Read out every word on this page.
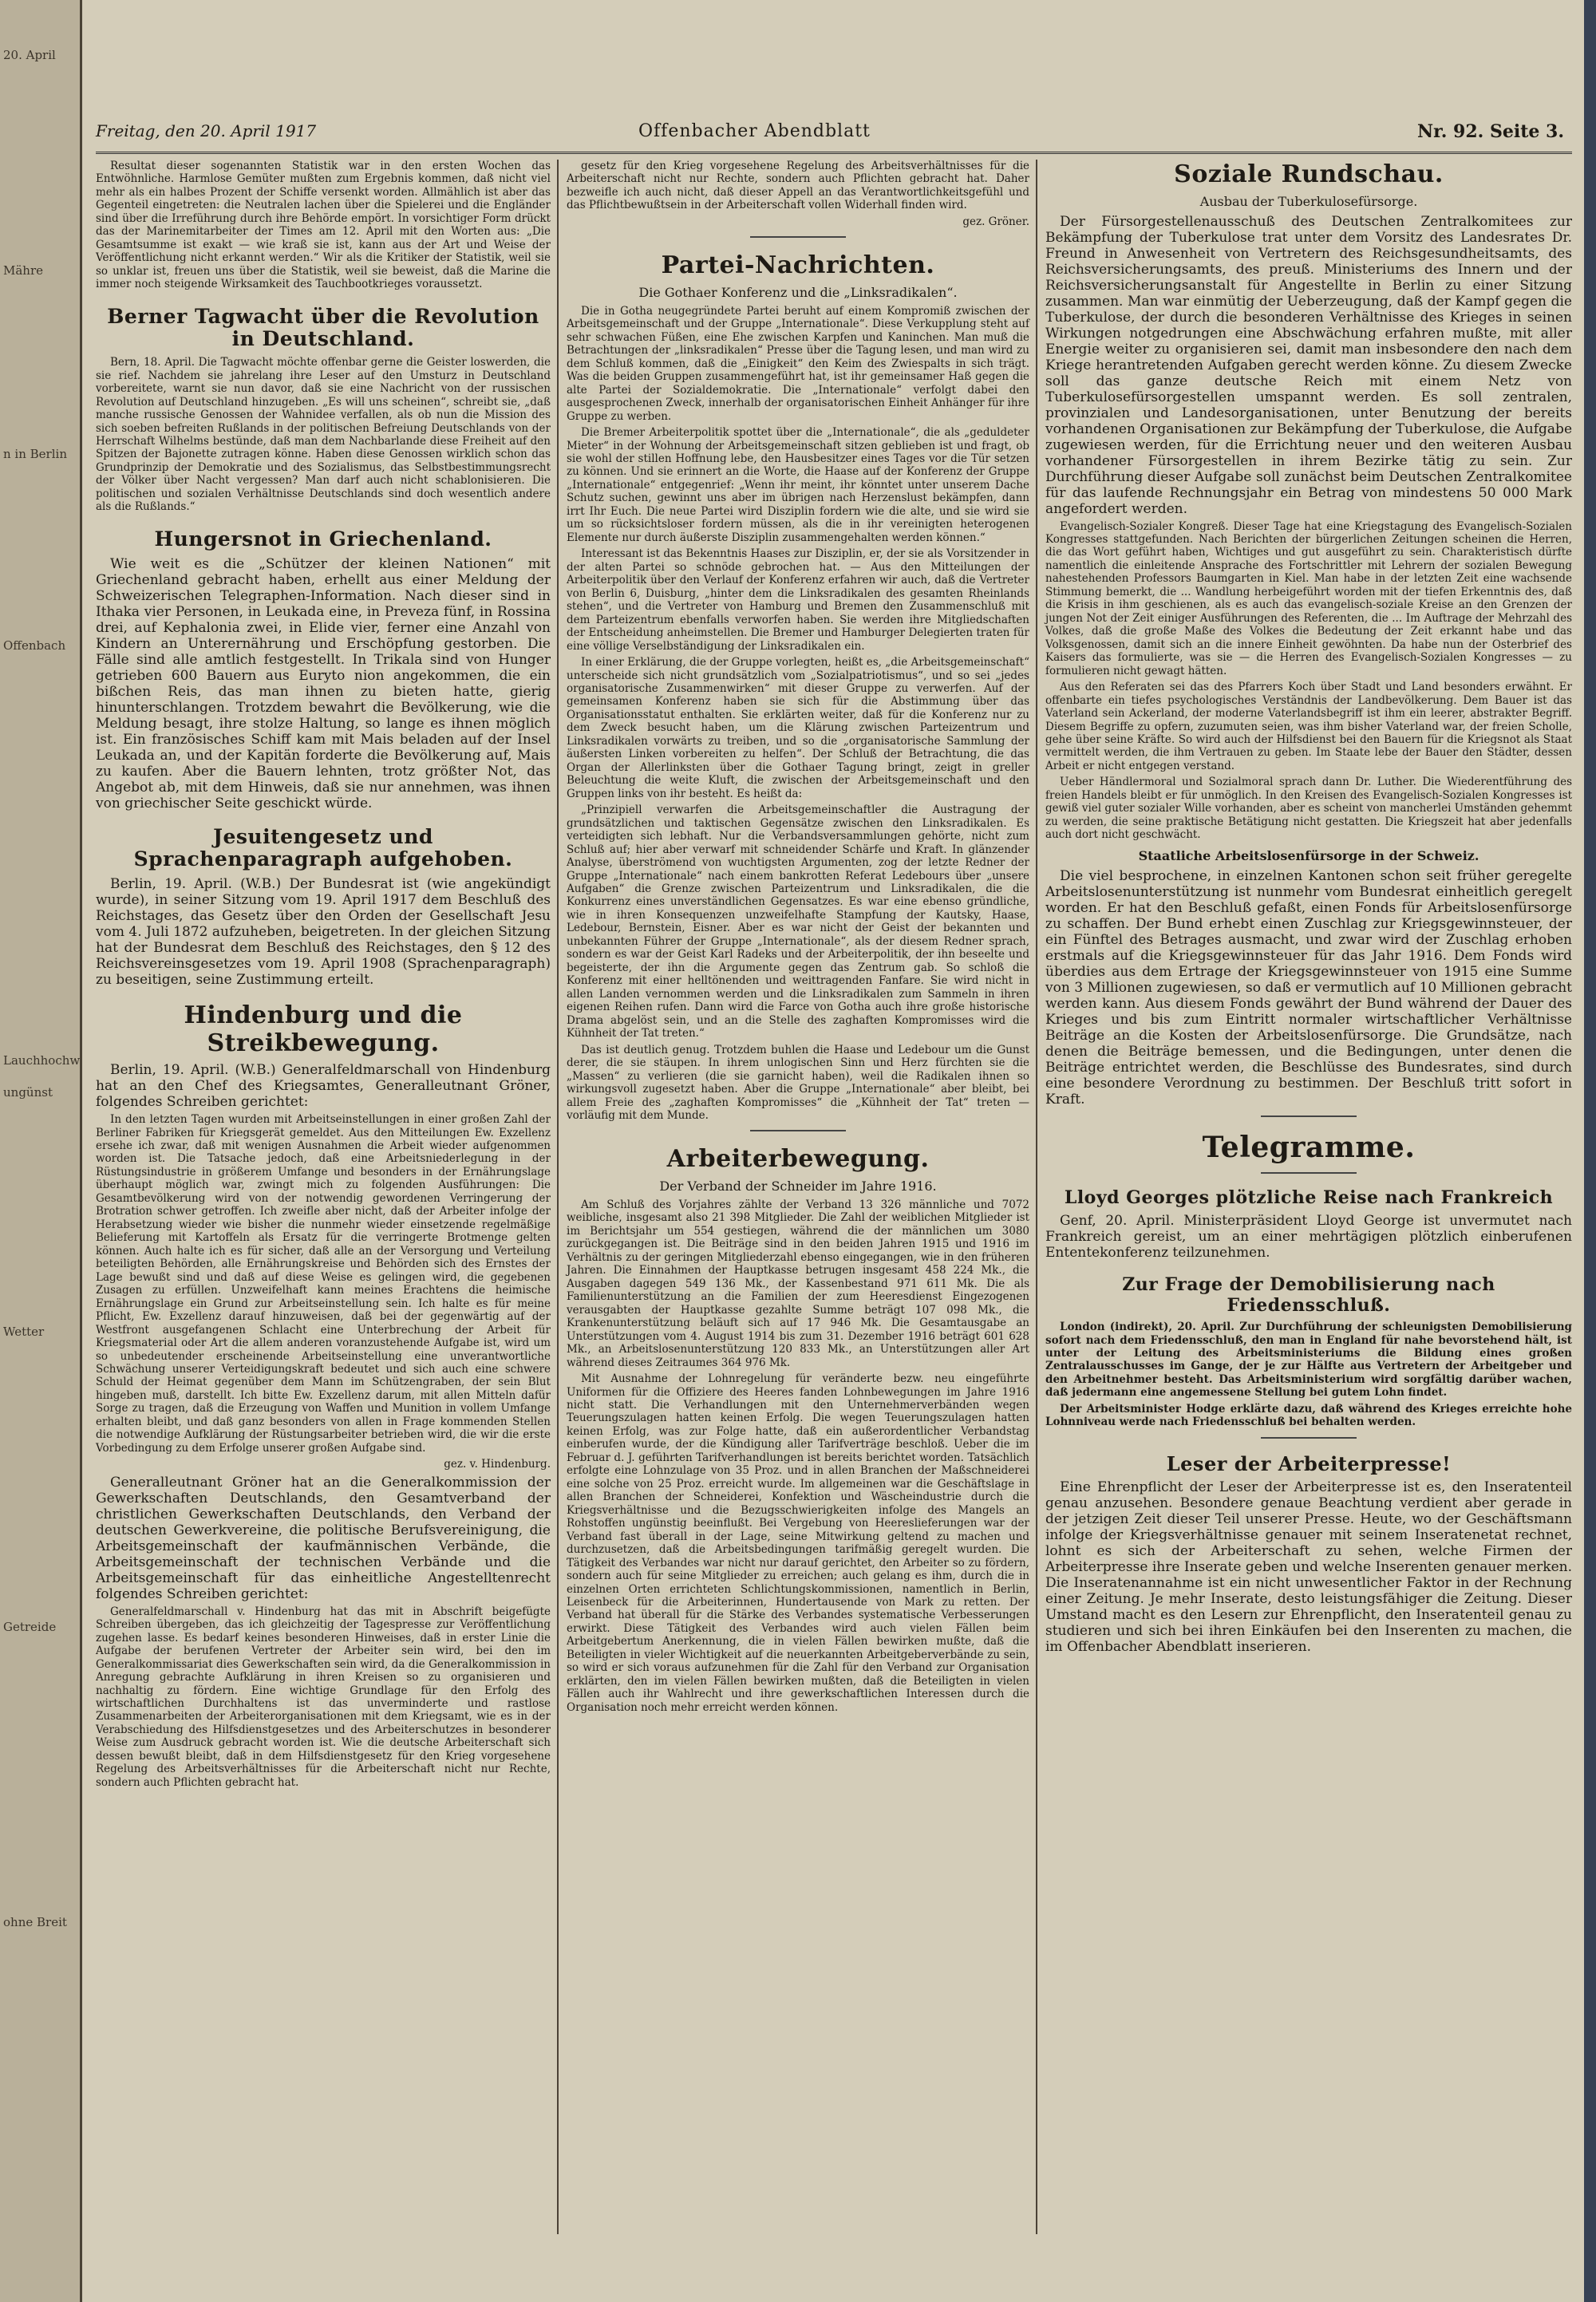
20. April
Mähre
n in Berlin
Offenbach
Lauchhochw
ungünst
Wetter
Getreide
ohne Breit
Freitag, den 20. April 1917	Offenbacher Abendblatt	Nr. 92. Seite 3.

Resultat dieser sogenannten Statistik war in den ersten Wochen das Entwöhnliche. Harmlose Gemüter mußten zum Ergebnis kommen, daß nicht viel mehr als ein halbes Prozent der Schiffe versenkt worden. Allmählich ist aber das Gegenteil eingetreten: die Neutralen lachen über die Spielerei und die Engländer sind über die Irreführung durch ihre Behörde empört. In vorsichtiger Form drückt das der Marinemitarbeiter der Times am 12. April mit den Worten aus: „Die Gesamtsumme ist exakt — wie kraß sie ist, kann aus der Art und Weise der Veröffentlichung nicht erkannt werden.“ Wir als die Kritiker der Statistik, weil sie so unklar ist, freuen uns über die Statistik, weil sie beweist, daß die Marine die immer noch steigende Wirksamkeit des Tauchbootkrieges voraussetzt.

Berner Tagwacht über die Revolution in Deutschland.

Bern, 18. April. Die Tagwacht möchte offenbar gerne die Geister loswerden, die sie rief. Nachdem sie jahrelang ihre Leser auf den Umsturz in Deutschland vorbereitete, warnt sie nun davor, daß sie eine Nachricht von der russischen Revolution auf Deutschland hinzugeben. „Es will uns scheinen“, schreibt sie, „daß manche russische Genossen der Wahnidee verfallen, als ob nun die Mission des sich soeben befreiten Rußlands in der politischen Befreiung Deutschlands von der Herrschaft Wilhelms bestünde, daß man dem Nachbarlande diese Freiheit auf den Spitzen der Bajonette zutragen könne. Haben diese Genossen wirklich schon das Grundprinzip der Demokratie und des Sozialismus, das Selbstbestimmungsrecht der Völker über Nacht vergessen? Man darf auch nicht schablonisieren. Die politischen und sozialen Verhältnisse Deutschlands sind doch wesentlich andere als die Rußlands.“

Hungersnot in Griechenland.

Wie weit es die „Schützer der kleinen Nationen“ mit Griechenland gebracht haben, erhellt aus einer Meldung der Schweizerischen Telegraphen-Information. Nach dieser sind in Ithaka vier Personen, in Leukada eine, in Preveza fünf, in Rossina drei, auf Kephalonia zwei, in Elide vier, ferner eine Anzahl von Kindern an Unterernährung und Erschöpfung gestorben. Die Fälle sind alle amtlich festgestellt. In Trikala sind von Hunger getrieben 600 Bauern aus Euryto nion angekommen, die ein bißchen Reis, das man ihnen zu bieten hatte, gierig hinunterschlangen. Trotzdem bewahrt die Bevölkerung, wie die Meldung besagt, ihre stolze Haltung, so lange es ihnen möglich ist. Ein französisches Schiff kam mit Mais beladen auf der Insel Leukada an, und der Kapitän forderte die Bevölkerung auf, Mais zu kaufen. Aber die Bauern lehnten, trotz größter Not, das Angebot ab, mit dem Hinweis, daß sie nur annehmen, was ihnen von griechischer Seite geschickt würde.

Jesuitengesetz und Sprachenparagraph aufgehoben.

Berlin, 19. April. (W.B.) Der Bundesrat ist (wie angekündigt wurde), in seiner Sitzung vom 19. April 1917 dem Beschluß des Reichstages, das Gesetz über den Orden der Gesellschaft Jesu vom 4. Juli 1872 aufzuheben, beigetreten. In der gleichen Sitzung hat der Bundesrat dem Beschluß des Reichstages, den § 12 des Reichsvereinsgesetzes vom 19. April 1908 (Sprachenparagraph) zu beseitigen, seine Zustimmung erteilt.

Hindenburg und die Streikbewegung.

Berlin, 19. April. (W.B.) Generalfeldmarschall von Hindenburg hat an den Chef des Kriegsamtes, Generalleutnant Gröner, folgendes Schreiben gerichtet:

In den letzten Tagen wurden mit Arbeitseinstellungen in einer großen Zahl der Berliner Fabriken für Kriegsgerät gemeldet. Aus den Mitteilungen Ew. Exzellenz ersehe ich zwar, daß mit wenigen Ausnahmen die Arbeit wieder aufgenommen worden ist. Die Tatsache jedoch, daß eine Arbeitsniederlegung in der Rüstungsindustrie in größerem Umfange und besonders in der Ernährungslage überhaupt möglich war, zwingt mich zu folgenden Ausführungen: Die Gesamtbevölkerung wird von der notwendig gewordenen Verringerung der Brotration schwer getroffen. Ich zweifle aber nicht, daß der Arbeiter infolge der Herabsetzung wieder wie bisher die nunmehr wieder einsetzende regelmäßige Belieferung mit Kartoffeln als Ersatz für die verringerte Brotmenge gelten können. Auch halte ich es für sicher, daß alle an der Versorgung und Verteilung beteiligten Behörden, alle Ernährungskreise und Behörden sich des Ernstes der Lage bewußt sind und daß auf diese Weise es gelingen wird, die gegebenen Zusagen zu erfüllen. Unzweifelhaft kann meines Erachtens die heimische Ernährungslage ein Grund zur Arbeitseinstellung sein. Ich halte es für meine Pflicht, Ew. Exzellenz darauf hinzuweisen, daß bei der gegenwärtig auf der Westfront ausgefangenen Schlacht eine Unterbrechung der Arbeit für Kriegsmaterial oder Art die allem anderen voranzustehende Aufgabe ist, wird um so unbedeutender erscheinende Arbeitseinstellung eine unverantwortliche Schwächung unserer Verteidigungskraft bedeutet und sich auch eine schwere Schuld der Heimat gegenüber dem Mann im Schützengraben, der sein Blut hingeben muß, darstellt. Ich bitte Ew. Exzellenz darum, mit allen Mitteln dafür Sorge zu tragen, daß die Erzeugung von Waffen und Munition in vollem Umfange erhalten bleibt, und daß ganz besonders von allen in Frage kommenden Stellen die notwendige Aufklärung der Rüstungsarbeiter betrieben wird, die wir die erste Vorbedingung zu dem Erfolge unserer großen Aufgabe sind.

gez. v. Hindenburg.

Generalleutnant Gröner hat an die Generalkommission der Gewerkschaften Deutschlands, den Gesamtverband der christlichen Gewerkschaften Deutschlands, den Verband der deutschen Gewerkvereine, die politische Berufsvereinigung, die Arbeitsgemeinschaft der kaufmännischen Verbände, die Arbeitsgemeinschaft der technischen Verbände und die Arbeitsgemeinschaft für das einheitliche Angestelltenrecht folgendes Schreiben gerichtet:

Generalfeldmarschall v. Hindenburg hat das mit in Abschrift beigefügte Schreiben übergeben, das ich gleichzeitig der Tagespresse zur Veröffentlichung zugehen lasse. Es bedarf keines besonderen Hinweises, daß in erster Linie die Aufgabe der berufenen Vertreter der Arbeiter sein wird, bei den im Generalkommissariat dies Gewerkschaften sein wird, da die Generalkommission in Anregung gebrachte Aufklärung in ihren Kreisen so zu organisieren und nachhaltig zu fördern. Eine wichtige Grundlage für den Erfolg des wirtschaftlichen Durchhaltens ist das unverminderte und rastlose Zusammenarbeiten der Arbeiterorganisationen mit dem Kriegsamt, wie es in der Verabschiedung des Hilfsdienstgesetzes und des Arbeiterschutzes in besonderer Weise zum Ausdruck gebracht worden ist. Wie die deutsche Arbeiterschaft sich dessen bewußt bleibt, daß in dem Hilfsdienstgesetz für den Krieg vorgesehene Regelung des Arbeitsverhältnisses für die Arbeiterschaft nicht nur Rechte, sondern auch Pflichten gebracht hat.

gesetz für den Krieg vorgesehene Regelung des Arbeitsverhältnisses für die Arbeiterschaft nicht nur Rechte, sondern auch Pflichten gebracht hat. Daher bezweifle ich auch nicht, daß dieser Appell an das Verantwortlichkeitsgefühl und das Pflichtbewußtsein in der Arbeiterschaft vollen Widerhall finden wird.

gez. Gröner.

Partei-Nachrichten.
Die Gothaer Konferenz und die „Linksradikalen“.

Die in Gotha neugegründete Partei beruht auf einem Kompromiß zwischen der Arbeitsgemeinschaft und der Gruppe „Internationale“. Diese Verkupplung steht auf sehr schwachen Füßen, eine Ehe zwischen Karpfen und Kaninchen. Man muß die Betrachtungen der „linksradikalen“ Presse über die Tagung lesen, und man wird zu dem Schluß kommen, daß die „Einigkeit“ den Keim des Zwiespalts in sich trägt. Was die beiden Gruppen zusammengeführt hat, ist ihr gemeinsamer Haß gegen die alte Partei der Sozialdemokratie. Die „Internationale“ verfolgt dabei den ausgesprochenen Zweck, innerhalb der organisatorischen Einheit Anhänger für ihre Gruppe zu werben.

Die Bremer Arbeiterpolitik spottet über die „Internationale“, die als „geduldeter Mieter“ in der Wohnung der Arbeitsgemeinschaft sitzen geblieben ist und fragt, ob sie wohl der stillen Hoffnung lebe, den Hausbesitzer eines Tages vor die Tür setzen zu können. Und sie erinnert an die Worte, die Haase auf der Konferenz der Gruppe „Internationale“ entgegenrief: „Wenn ihr meint, ihr könntet unter unserem Dache Schutz suchen, gewinnt uns aber im übrigen nach Herzenslust bekämpfen, dann irrt Ihr Euch. Die neue Partei wird Disziplin fordern wie die alte, und sie wird sie um so rücksichtsloser fordern müssen, als die in ihr vereinigten heterogenen Elemente nur durch äußerste Disziplin zusammengehalten werden können.“

Interessant ist das Bekenntnis Haases zur Disziplin, er, der sie als Vorsitzender in der alten Partei so schnöde gebrochen hat. — Aus den Mitteilungen der Arbeiterpolitik über den Verlauf der Konferenz erfahren wir auch, daß die Vertreter von Berlin 6, Duisburg, „hinter dem die Linksradikalen des gesamten Rheinlands stehen“, und die Vertreter von Hamburg und Bremen den Zusammenschluß mit dem Parteizentrum ebenfalls verworfen haben. Sie werden ihre Mitgliedschaften der Entscheidung anheimstellen. Die Bremer und Hamburger Delegierten traten für eine völlige Verselbständigung der Linksradikalen ein.

In einer Erklärung, die der Gruppe vorlegten, heißt es, „die Arbeitsgemeinschaft“ unterscheide sich nicht grundsätzlich vom „Sozialpatriotismus“, und so sei „jedes organisatorische Zusammenwirken“ mit dieser Gruppe zu verwerfen. Auf der gemeinsamen Konferenz haben sie sich für die Abstimmung über das Organisationsstatut enthalten. Sie erklärten weiter, daß für die Konferenz nur zu dem Zweck besucht haben, um die Klärung zwischen Parteizentrum und Linksradikalen vorwärts zu treiben, und so die „organisatorische Sammlung der äußersten Linken vorbereiten zu helfen“. Der Schluß der Betrachtung, die das Organ der Allerlinksten über die Gothaer Tagung bringt, zeigt in greller Beleuchtung die weite Kluft, die zwischen der Arbeitsgemeinschaft und den Gruppen links von ihr besteht. Es heißt da:

„Prinzipiell verwarfen die Arbeitsgemeinschaftler die Austragung der grundsätzlichen und taktischen Gegensätze zwischen den Linksradikalen. Es verteidigten sich lebhaft. Nur die Verbandsversammlungen gehörte, nicht zum Schluß auf; hier aber verwarf mit schneidender Schärfe und Kraft. In glänzender Analyse, überströmend von wuchtigsten Argumenten, zog der letzte Redner der Gruppe „Internationale“ nach einem bankrotten Referat Ledebours über „unsere Aufgaben“ die Grenze zwischen Parteizentrum und Linksradikalen, die die Konkurrenz eines unverständlichen Gegensatzes. Es war eine ebenso gründliche, wie in ihren Konsequenzen unzweifelhafte Stampfung der Kautsky, Haase, Ledebour, Bernstein, Eisner. Aber es war nicht der Geist der bekannten und unbekannten Führer der Gruppe „Internationale“, als der diesem Redner sprach, sondern es war der Geist Karl Radeks und der Arbeiterpolitik, der ihn beseelte und begeisterte, der ihn die Argumente gegen das Zentrum gab. So schloß die Konferenz mit einer helltönenden und weittragenden Fanfare. Sie wird nicht in allen Landen vernommen werden und die Linksradikalen zum Sammeln in ihren eigenen Reihen rufen. Dann wird die Farce von Gotha auch ihre große historische Drama abgelöst sein, und an die Stelle des zaghaften Kompromisses wird die Kühnheit der Tat treten.“

Das ist deutlich genug. Trotzdem buhlen die Haase und Ledebour um die Gunst derer, die sie stäupen. In ihrem unlogischen Sinn und Herz fürchten sie die „Massen“ zu verlieren (die sie garnicht haben), weil die Radikalen ihnen so wirkungsvoll zugesetzt haben. Aber die Gruppe „Internationale“ aber bleibt, bei allem Freie des „zaghaften Kompromisses“ die „Kühnheit der Tat“ treten — vorläufig mit dem Munde.

Arbeiterbewegung.
Der Verband der Schneider im Jahre 1916.

Am Schluß des Vorjahres zählte der Verband 13 326 männliche und 7072 weibliche, insgesamt also 21 398 Mitglieder. Die Zahl der weiblichen Mitglieder ist im Berichtsjahr um 554 gestiegen, während die der männlichen um 3080 zurückgegangen ist. Die Beiträge sind in den beiden Jahren 1915 und 1916 im Verhältnis zu der geringen Mitgliederzahl ebenso eingegangen, wie in den früheren Jahren. Die Einnahmen der Hauptkasse betrugen insgesamt 458 224 Mk., die Ausgaben dagegen 549 136 Mk., der Kassenbestand 971 611 Mk. Die als Familienunterstützung an die Familien der zum Heeresdienst Eingezogenen verausgabten der Hauptkasse gezahlte Summe beträgt 107 098 Mk., die Krankenunterstützung beläuft sich auf 17 946 Mk. Die Gesamtausgabe an Unterstützungen vom 4. August 1914 bis zum 31. Dezember 1916 beträgt 601 628 Mk., an Arbeitslosenunterstützung 120 833 Mk., an Unterstützungen aller Art während dieses Zeitraumes 364 976 Mk.

Mit Ausnahme der Lohnregelung für veränderte bezw. neu eingeführte Uniformen für die Offiziere des Heeres fanden Lohnbewegungen im Jahre 1916 nicht statt. Die Verhandlungen mit den Unternehmerverbänden wegen Teuerungszulagen hatten keinen Erfolg. Die wegen Teuerungszulagen hatten keinen Erfolg, was zur Folge hatte, daß ein außerordentlicher Verbandstag einberufen wurde, der die Kündigung aller Tarifverträge beschloß. Ueber die im Februar d. J. geführten Tarifverhandlungen ist bereits berichtet worden. Tatsächlich erfolgte eine Lohnzulage von 35 Proz. und in allen Branchen der Maßschneiderei eine solche von 25 Proz. erreicht wurde. Im allgemeinen war die Geschäftslage in allen Branchen der Schneiderei, Konfektion und Wäscheindustrie durch die Kriegsverhältnisse und die Bezugsschwierigkeiten infolge des Mangels an Rohstoffen ungünstig beeinflußt. Bei Vergebung von Heereslieferungen war der Verband fast überall in der Lage, seine Mitwirkung geltend zu machen und durchzusetzen, daß die Arbeitsbedingungen tarifmäßig geregelt wurden. Die Tätigkeit des Verbandes war nicht nur darauf gerichtet, den Arbeiter so zu fördern, sondern auch für seine Mitglieder zu erreichen; auch gelang es ihm, durch die in einzelnen Orten errichteten Schlichtungskommissionen, namentlich in Berlin, Leisenbeck für die Arbeiterinnen, Hundertausende von Mark zu retten. Der Verband hat überall für die Stärke des Verbandes systematische Verbesserungen erwirkt. Diese Tätigkeit des Verbandes wird auch vielen Fällen beim Arbeitgebertum Anerkennung, die in vielen Fällen bewirken mußte, daß die Beteiligten in vieler Wichtigkeit auf die neuerkannten Arbeitgeberverbände zu sein, so wird er sich voraus aufzunehmen für die Zahl für den Verband zur Organisation erklärten, den im vielen Fällen bewirken mußten, daß die Beteiligten in vielen Fällen auch ihr Wahlrecht und ihre gewerkschaftlichen Interessen durch die Organisation noch mehr erreicht werden können.

Soziale Rundschau.
Ausbau der Tuberkulosefürsorge.

Der Fürsorgestellenausschuß des Deutschen Zentralkomitees zur Bekämpfung der Tuberkulose trat unter dem Vorsitz des Landesrates Dr. Freund in Anwesenheit von Vertretern des Reichsgesundheitsamts, des Reichsversicherungsamts, des preuß. Ministeriums des Innern und der Reichsversicherungsanstalt für Angestellte in Berlin zu einer Sitzung zusammen. Man war einmütig der Ueberzeugung, daß der Kampf gegen die Tuberkulose, der durch die besonderen Verhältnisse des Krieges in seinen Wirkungen notgedrungen eine Abschwächung erfahren mußte, mit aller Energie weiter zu organisieren sei, damit man insbesondere den nach dem Kriege herantretenden Aufgaben gerecht werden könne. Zu diesem Zwecke soll das ganze deutsche Reich mit einem Netz von Tuberkulosefürsorgestellen umspannt werden. Es soll zentralen, provinzialen und Landesorganisationen, unter Benutzung der bereits vorhandenen Organisationen zur Bekämpfung der Tuberkulose, die Aufgabe zugewiesen werden, für die Errichtung neuer und den weiteren Ausbau vorhandener Fürsorgestellen in ihrem Bezirke tätig zu sein. Zur Durchführung dieser Aufgabe soll zunächst beim Deutschen Zentralkomitee für das laufende Rechnungsjahr ein Betrag von mindestens 50 000 Mark angefordert werden.

Evangelisch-Sozialer Kongreß. Dieser Tage hat eine Kriegstagung des Evangelisch-Sozialen Kongresses stattgefunden. Nach Berichten der bürgerlichen Zeitungen scheinen die Herren, die das Wort geführt haben, Wichtiges und gut ausgeführt zu sein. Charakteristisch dürfte namentlich die einleitende Ansprache des Fortschrittler mit Lehrern der sozialen Bewegung nahestehenden Professors Baumgarten in Kiel. Man habe in der letzten Zeit eine wachsende Stimmung bemerkt, die ... Wandlung herbeigeführt worden mit der tiefen Erkenntnis des, daß die Krisis in ihm geschienen, als es auch das evangelisch-soziale Kreise an den Grenzen der jungen Not der Zeit einiger Ausführungen des Referenten, die ... Im Auftrage der Mehrzahl des Volkes, daß die große Maße des Volkes die Bedeutung der Zeit erkannt habe und das Volksgenossen, damit sich an die innere Einheit gewöhnten. Da habe nun der Osterbrief des Kaisers das formulierte, was sie — die Herren des Evangelisch-Sozialen Kongresses — zu formulieren nicht gewagt hätten.

Aus den Referaten sei das des Pfarrers Koch über Stadt und Land besonders erwähnt. Er offenbarte ein tiefes psychologisches Verständnis der Landbevölkerung. Dem Bauer ist das Vaterland sein Ackerland, der moderne Vaterlandsbegriff ist ihm ein leerer, abstrakter Begriff. Diesem Begriffe zu opfern, zuzumuten seien, was ihm bisher Vaterland war, der freien Scholle, gehe über seine Kräfte. So wird auch der Hilfsdienst bei den Bauern für die Kriegsnot als Staat vermittelt werden, die ihm Vertrauen zu geben. Im Staate lebe der Bauer den Städter, dessen Arbeit er nicht entgegen verstand.

Ueber Händlermoral und Sozialmoral sprach dann Dr. Luther. Die Wiederentführung des freien Handels bleibt er für unmöglich. In den Kreisen des Evangelisch-Sozialen Kongresses ist gewiß viel guter sozialer Wille vorhanden, aber es scheint von mancherlei Umständen gehemmt zu werden, die seine praktische Betätigung nicht gestatten. Die Kriegszeit hat aber jedenfalls auch dort nicht geschwächt.

Staatliche Arbeitslosenfürsorge in der Schweiz.

Die viel besprochene, in einzelnen Kantonen schon seit früher geregelte Arbeitslosenunterstützung ist nunmehr vom Bundesrat einheitlich geregelt worden. Er hat den Beschluß gefaßt, einen Fonds für Arbeitslosenfürsorge zu schaffen. Der Bund erhebt einen Zuschlag zur Kriegsgewinnsteuer, der ein Fünftel des Betrages ausmacht, und zwar wird der Zuschlag erhoben erstmals auf die Kriegsgewinnsteuer für das Jahr 1916. Dem Fonds wird überdies aus dem Ertrage der Kriegsgewinnsteuer von 1915 eine Summe von 3 Millionen zugewiesen, so daß er vermutlich auf 10 Millionen gebracht werden kann. Aus diesem Fonds gewährt der Bund während der Dauer des Krieges und bis zum Eintritt normaler wirtschaftlicher Verhältnisse Beiträge an die Kosten der Arbeitslosenfürsorge. Die Grundsätze, nach denen die Beiträge bemessen, und die Bedingungen, unter denen die Beiträge entrichtet werden, die Beschlüsse des Bundesrates, sind durch eine besondere Verordnung zu bestimmen. Der Beschluß tritt sofort in Kraft.

Telegramme.
Lloyd Georges plötzliche Reise nach Frankreich

Genf, 20. April. Ministerpräsident Lloyd George ist unvermutet nach Frankreich gereist, um an einer mehrtägigen plötzlich einberufenen Ententekonferenz teilzunehmen.

Zur Frage der Demobilisierung nach Friedensschluß.

London (indirekt), 20. April. Zur Durchführung der schleunigsten Demobilisierung sofort nach dem Friedensschluß, den man in England für nahe bevorstehend hält, ist unter der Leitung des Arbeitsministeriums die Bildung eines großen Zentralausschusses im Gange, der je zur Hälfte aus Vertretern der Arbeitgeber und den Arbeitnehmer besteht. Das Arbeitsministerium wird sorgfältig darüber wachen, daß jedermann eine angemessene Stellung bei gutem Lohn findet.

Der Arbeitsminister Hodge erklärte dazu, daß während des Krieges erreichte hohe Lohnniveau werde nach Friedensschluß bei behalten werden.

Leser der Arbeiterpresse!

Eine Ehrenpflicht der Leser der Arbeiterpresse ist es, den Inseratenteil genau anzusehen. Besondere genaue Beachtung verdient aber gerade in der jetzigen Zeit dieser Teil unserer Presse. Heute, wo der Geschäftsmann infolge der Kriegsverhältnisse genauer mit seinem Inseratenetat rechnet, lohnt es sich der Arbeiterschaft zu sehen, welche Firmen der Arbeiterpresse ihre Inserate geben und welche Inserenten genauer merken. Die Inseratenannahme ist ein nicht unwesentlicher Faktor in der Rechnung einer Zeitung. Je mehr Inserate, desto leistungsfähiger die Zeitung. Dieser Umstand macht es den Lesern zur Ehrenpflicht, den Inseratenteil genau zu studieren und sich bei ihren Einkäufen bei den Inserenten zu machen, die im Offenbacher Abendblatt inserieren.
